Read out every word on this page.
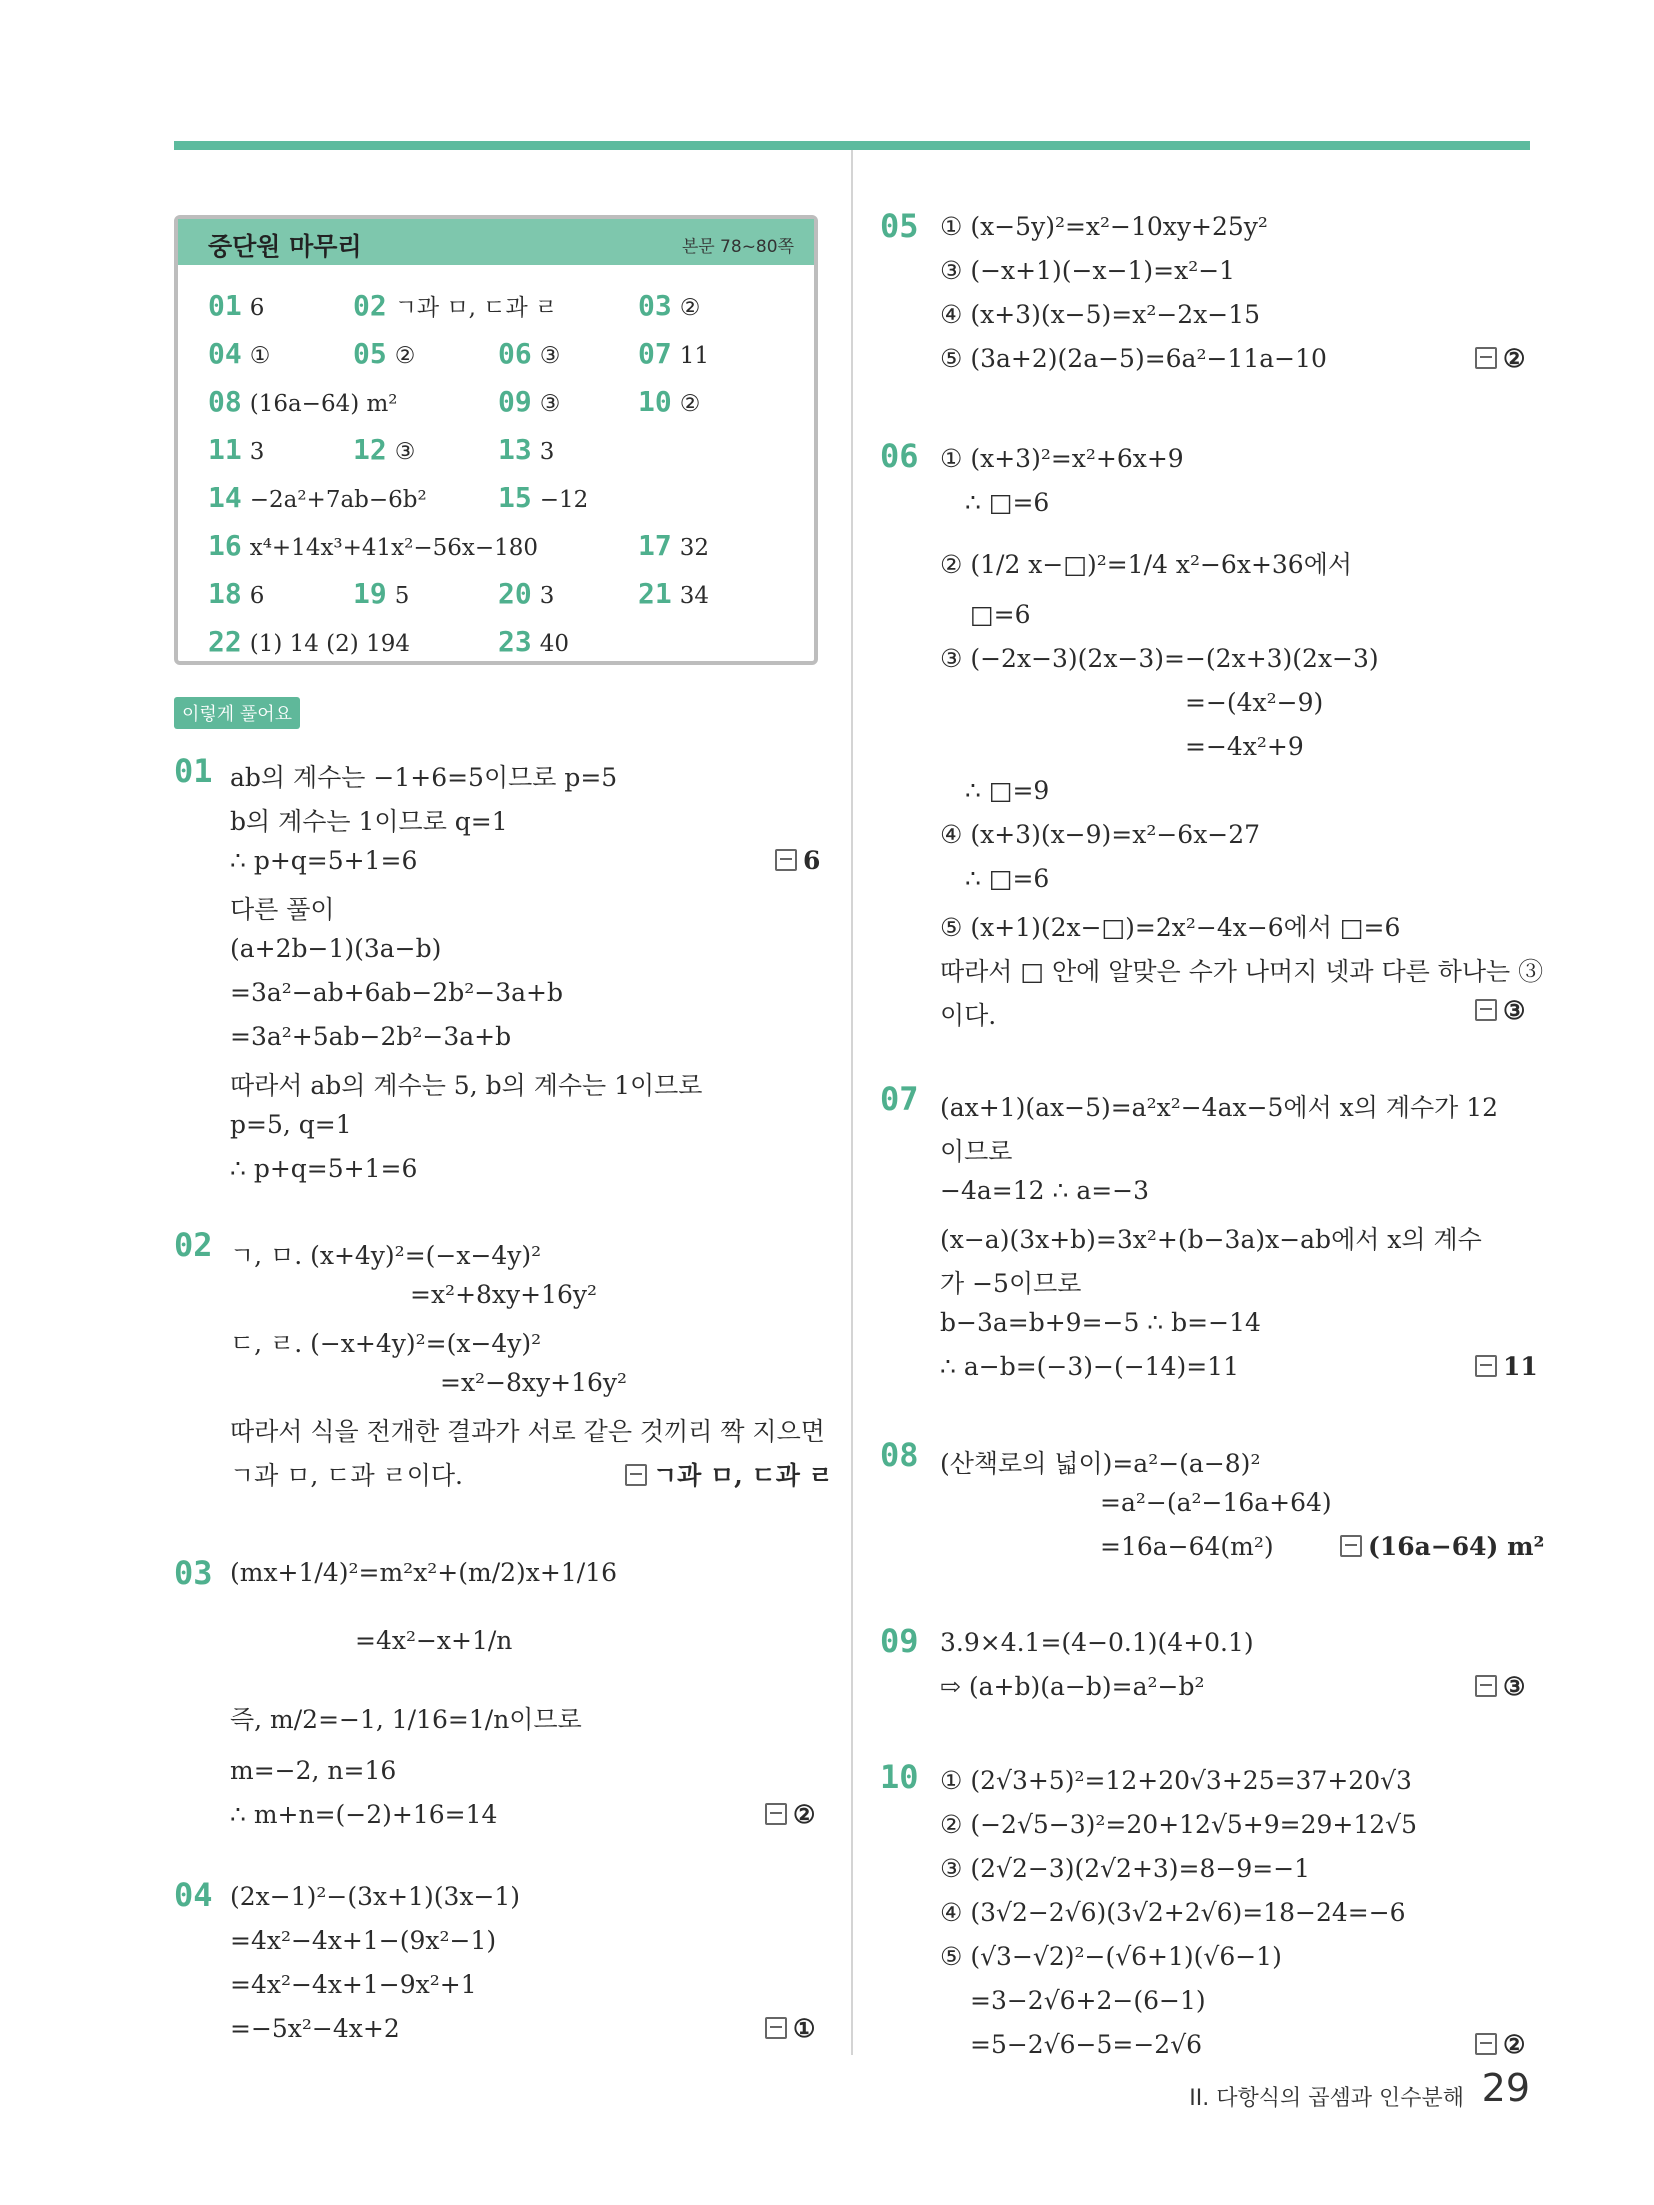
중단원 마무리	본문 78~80쪽
01 6	02 ㄱ과 ㅁ, ㄷ과 ㄹ	03 ②
04 ①	05 ②	06 ③	07 11
08 (16a−64) m²	09 ③	10 ②
11 3	12 ③	13 3
14 −2a²+7ab−6b²	15 −12
16 x⁴+14x³+41x²−56x−180	17 32
18 6	19 5	20 3	21 34
22 (1) 14 (2) 194	23 40
이렇게 풀어요
01 ab의 계수는 −1+6=5이므로 p=5
b의 계수는 1이므로 q=1
∴ p+q=5+1=6
다른 풀이
(a+2b−1)(3a−b)
=3a²−ab+6ab−2b²−3a+b
=3a²+5ab−2b²−3a+b
따라서 ab의 계수는 5, b의 계수는 1이므로
p=5, q=1
∴ p+q=5+1=6
6
02 ㄱ, ㅁ. (x+4y)²=(−x−4y)²
=x²+8xy+16y²
ㄷ, ㄹ. (−x+4y)²=(x−4y)²
=x²−8xy+16y²
따라서 식을 전개한 결과가 서로 같은 것끼리 짝 지으면
ㄱ과 ㅁ, ㄷ과 ㄹ이다.	ㄱ과 ㅁ, ㄷ과 ㄹ
03 (mx+1/4)²=m²x²+(m/2)x+1/16
=4x²−x+1/n
즉, m/2=−1, 1/16=1/n이므로
m=−2, n=16
∴ m+n=(−2)+16=14	②
04 (2x−1)²−(3x+1)(3x−1)
=4x²−4x+1−(9x²−1)
=4x²−4x+1−9x²+1
=−5x²−4x+2	①
05 ① (x−5y)²=x²−10xy+25y²
③ (−x+1)(−x−1)=x²−1
④ (x+3)(x−5)=x²−2x−15
⑤ (3a+2)(2a−5)=6a²−11a−10	②
06 ① (x+3)²=x²+6x+9
∴ □=6
② (1/2 x−□)²=1/4 x²−6x+36에서
□=6
③ (−2x−3)(2x−3)=−(2x+3)(2x−3)
=−(4x²−9)
=−4x²+9
∴ □=9
④ (x+3)(x−9)=x²−6x−27
∴ □=6
⑤ (x+1)(2x−□)=2x²−4x−6에서 □=6
따라서 □ 안에 알맞은 수가 나머지 넷과 다른 하나는 ③
이다.	③
07 (ax+1)(ax−5)=a²x²−4ax−5에서 x의 계수가 12
이므로
−4a=12 ∴ a=−3
(x−a)(3x+b)=3x²+(b−3a)x−ab에서 x의 계수
가 −5이므로
b−3a=b+9=−5 ∴ b=−14
∴ a−b=(−3)−(−14)=11	11
08 (산책로의 넓이)=a²−(a−8)²
=a²−(a²−16a+64)
=16a−64(m²)	(16a−64) m²
09 3.9×4.1=(4−0.1)(4+0.1)
⇨ (a+b)(a−b)=a²−b²	③
10 ① (2√3+5)²=12+20√3+25=37+20√3
② (−2√5−3)²=20+12√5+9=29+12√5
③ (2√2−3)(2√2+3)=8−9=−1
④ (3√2−2√6)(3√2+2√6)=18−24=−6
⑤ (√3−√2)²−(√6+1)(√6−1)
=3−2√6+2−(6−1)
=5−2√6−5=−2√6	②
II. 다항식의 곱셈과 인수분해 29
